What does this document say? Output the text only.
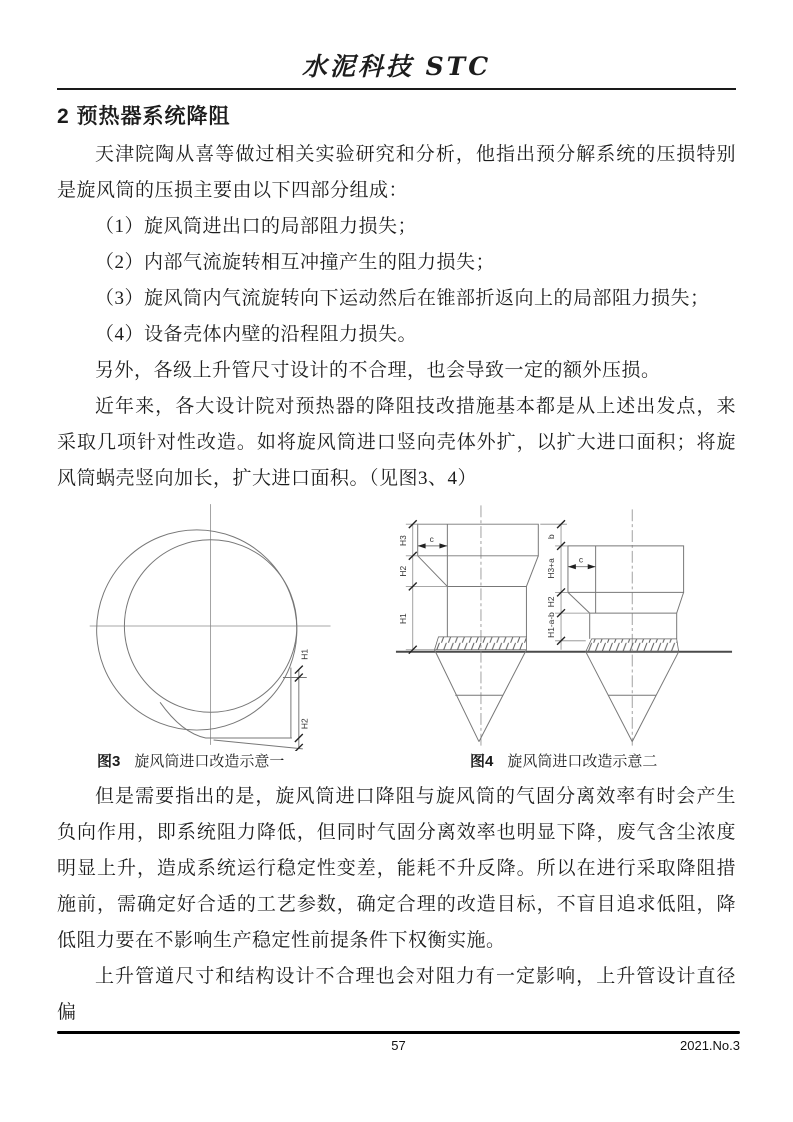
水泥科技 STC
2 预热器系统降阻

天津院陶从喜等做过相关实验研究和分析，他指出预分解系统的压损特别是旋风筒的压损主要由以下四部分组成：

（1）旋风筒进出口的局部阻力损失；

（2）内部气流旋转相互冲撞产生的阻力损失；

（3）旋风筒内气流旋转向下运动然后在锥部折返向上的局部阻力损失；

（4）设备壳体内壁的沿程阻力损失。

另外，各级上升管尺寸设计的不合理，也会导致一定的额外压损。

近年来，各大设计院对预热器的降阻技改措施基本都是从上述出发点，来采取几项针对性改造。如将旋风筒进口竖向壳体外扩，以扩大进口面积；将旋风筒蜗壳竖向加长，扩大进口面积。（见图3、4）

H1
H2
图3 旋风筒进口改造示意一
H3
H2
H1
c	b
H3+a
H2
H1-a-b
c
图4 旋风筒进口改造示意二

但是需要指出的是，旋风筒进口降阻与旋风筒的气固分离效率有时会产生负向作用，即系统阻力降低，但同时气固分离效率也明显下降，废气含尘浓度明显上升，造成系统运行稳定性变差，能耗不升反降。所以在进行采取降阻措施前，需确定好合适的工艺参数，确定合理的改造目标，不盲目追求低阻，降低阻力要在不影响生产稳定性前提条件下权衡实施。

上升管道尺寸和结构设计不合理也会对阻力有一定影响，上升管设计直径偏

57	2021.No.3
